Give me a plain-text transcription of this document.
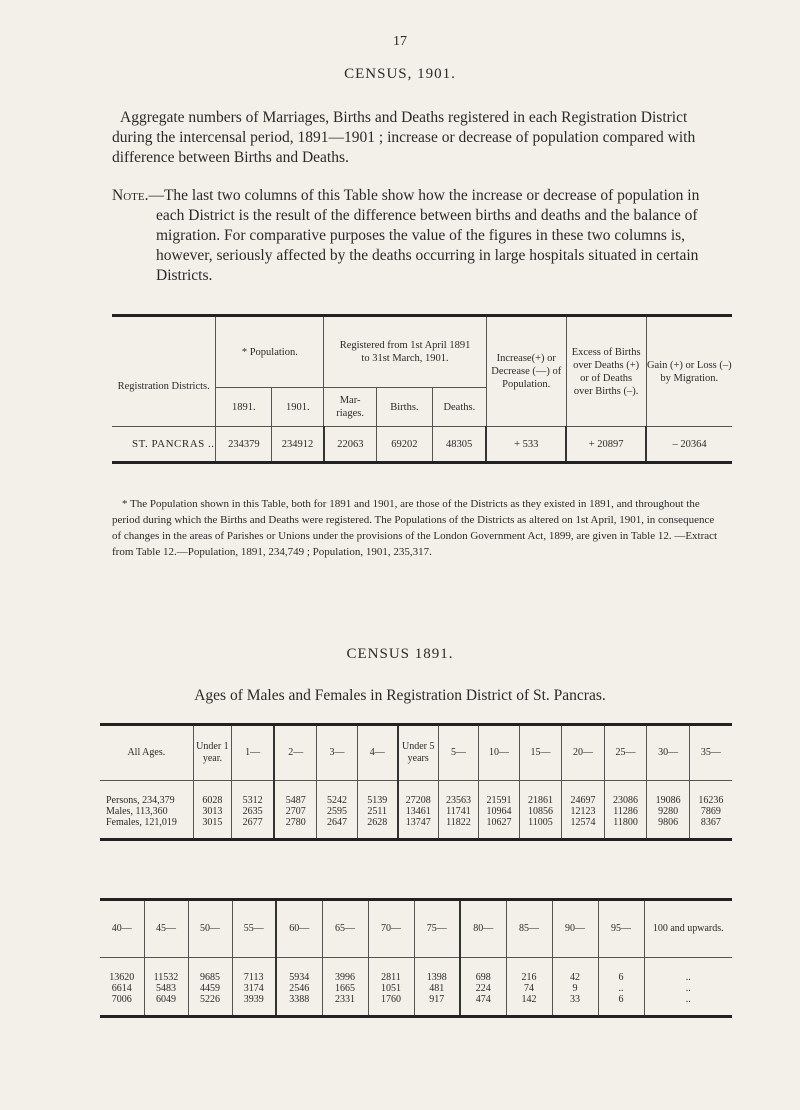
17
CENSUS, 1901.
Aggregate numbers of Marriages, Births and Deaths registered in each Registration District during the intercensal period, 1891—1901 ; increase or decrease of population compared with difference between Births and Deaths.
Note.—The last two columns of this Table show how the increase or decrease of population in each District is the result of the difference between births and deaths and the balance of migration. For comparative purposes the value of the figures in these two columns is, however, seriously affected by the deaths occurring in large hospitals situated in certain Districts.
Registration Districts.	* Population.		Registered from 1st April 1891 to 31st March, 1901.			Increase(+) or Decrease (—) of Population.	Excess of Births over Deaths (+) or of Deaths over Births (–).	Gain (+) or Loss (–) by Migration.
	1891.	1901.	Mar- riages.	Births.	Deaths.			
ST. PANCRAS ..	234379	234912	22063	69202	48305	+ 533	+ 20897	– 20364
* The Population shown in this Table, both for 1891 and 1901, are those of the Districts as they existed in 1891, and throughout the period during which the Births and Deaths were registered. The Populations of the Districts as altered on 1st April, 1901, in consequence of changes in the areas of Parishes or Unions under the provisions of the London Government Act, 1899, are given in Table 12. —Extract from Table 12.—Population, 1891, 234,749 ; Population, 1901, 235,317.
CENSUS 1891.
Ages of Males and Females in Registration District of St. Pancras.
All Ages.	Under 1 year.	1—	2—	3—	4—	Under 5 years	5—	10—	15—	20—	25—	30—	35—

Persons, 234,379
Males, 113,360
Females, 121,019	6028
3013
3015	5312
2635
2677	5487
2707
2780	5242
2595
2647	5139
2511
2628	27208
13461
13747	23563
11741
11822	21591
10964
10627	21861
10856
11005	24697
12123
12574	23086
11286
11800	19086
9280
9806	16236
7869
8367
40—	45—	50—	55—	60—	65—	70—	75—	80—	85—	90—	95—	100 and upwards.

13620
6614
7006	11532
5483
6049	9685
4459
5226	7113
3174
3939	5934
2546
3388	3996
1665
2331	2811
1051
1760	1398
481
917	698
224
474	216
74
142	42
9
33	6
..
6	..
..
..
